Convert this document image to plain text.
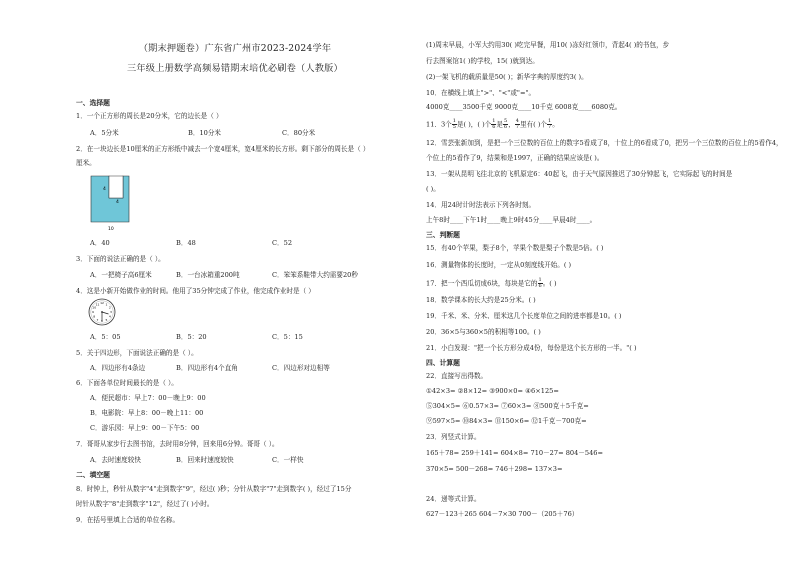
（期末押题卷）广东省广州市2023-2024学年
三年级上册数学高频易错期末培优必刷卷（人教版）
一、选择题
1．一个正方形的周长是20分米，它的边长是（ ）
A．5分米	B．10分米	C．80分米
2．在一块边长是10厘米的正方形纸中减去一个宽4厘米，宽4厘米的长方形。剩下部分的周长是（ ）
厘米。
4
4
10
A．40	B．48	C．52
3．下面的说法正确的是（ ）。
A．一把椅子高6厘米	B．一台冰箱重200吨	C．笨笨系鞋带大约需要20秒
4．这是小新开始做作业的时间。他用了35分钟完成了作业，他完成作业时是（ ）
12 1
2
3
4
5
6
7
8
9
10
11
A．5：05	B．5：20	C．5：15
5．关于四边形，下面说法正确的是（ ）。
A．四边形有4条边	B．四边形有4个直角	C．四边形对边相等
6．下面各单位时间最长的是（ ）。
A．便民超市：早上7：00－晚上9：00
B．电影院：早上8：00－晚上11：00
C．游乐园：早上9：00－下午5：00
7．哥哥从家步行去图书馆，去时用8分钟，回来用6分钟。哥哥（ ）。
A．去时速度较快	B．回来时速度较快	C．一样快
二、填空题
8．时钟上，秒针从数字"4"走到数字"9"，经过( )秒；分针从数字"7"走到数字( )，经过了15分
时针从数字"8"走到数字"12"，经过了( )小时。
9．在括号里填上合适的单位名称。
(1)周末早晨，小军大约用30( )吃完早餐，用10( )冻好红领巾，背起4( )的书包，步
行去图案馆1( )的学校，15( )就到达。
(2)一架飞机的载质量是50( )；新华字典的厚度约3( )。
10．在横线上填上">"、"<"或"="。
4000克____3500千克 9000克____10千克 6008克____6080克。
11．3个 $\frac{1}{5}$ 是( )，( )个 $\frac{1}{6}$ 是 $\frac{5}{6}$ ， $\frac{4}{7}$ 里有( )个 $\frac{1}{7}$ 。
12．雪芸张新加到，是把一个三位数的百位上的数字5看成了8，十位上的6看成了0，把另一个三位数的百位上的5看作4，
个位上的5看作了9，结果和是1997，正确的结果应该是( )。
13．一架从昆明飞往北京的飞机原定6：40起飞，由于天气原因推迟了30分钟起飞，它实际起飞的时间是
( )。
14．用24时计时法表示下列各时刻。
上午8时____下午1时____晚上9时45分____早晨4时____。
三、判断题
15．有40个苹果，梨子8个，苹果个数是梨子个数是5倍。( )
16．测量物体的长度时，一定从0刻度线开始。( )
17．把一个西瓜切成6块，每块是它的 $\frac{1}{6}$ 。( )
18．数学课本的长大约是25分米。( )
19．千米、米、分米、厘米这几个长度单位之间的进率都是10。( )
20．36×5与360×5的积相等100。( )
21．小白发现："把一个长方形分成4份，每份是这个长方形的一半。"( )
四、计算题
22．直接写出得数。
①42×3= ②8×12= ③900×0= ④6×125=
⑤304×5= ⑥0.57×3= ⑦60×3= ⑧500克＋5千克=
⑨597×5= ⑩84×3= ⑪150×6= ⑫1千克－700克=
23．列竖式计算。
165＋78= 259＋141= 604×8= 710－27= 804－546=
370×5= 500－268= 746＋298= 137×3=
24．递等式计算。
627－123＋265 604－7×30 700－（205＋76）
